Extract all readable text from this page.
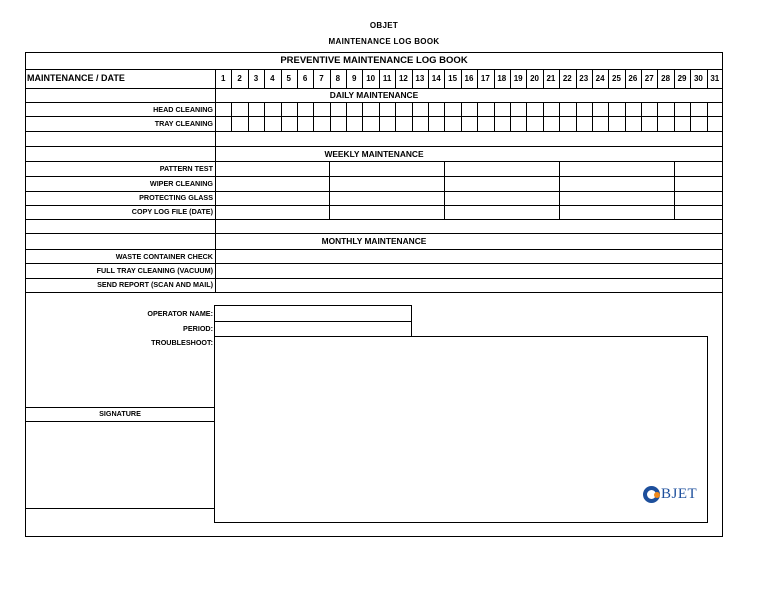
OBJET
MAINTENANCE LOG BOOK
PREVENTIVE MAINTENANCE LOG BOOK
MAINTENANCE / DATE	1	2	3	4	5	6	7	8	9	10 11 12 13 14 15 16 17 18 19 20 21 22 23 24 25 26 27 28 29 30 31
DAILY MAINTENANCE
HEAD CLEANING
TRAY CLEANING
WEEKLY MAINTENANCE
PATTERN TEST
WIPER CLEANING
PROTECTING GLASS
COPY LOG FILE (DATE)
MONTHLY MAINTENANCE
WASTE CONTAINER CHECK
FULL TRAY CLEANING (VACUUM)
SEND REPORT (SCAN AND MAIL)
OPERATOR NAME:
PERIOD:
TROUBLESHOOT:
SIGNATURE
BJET
